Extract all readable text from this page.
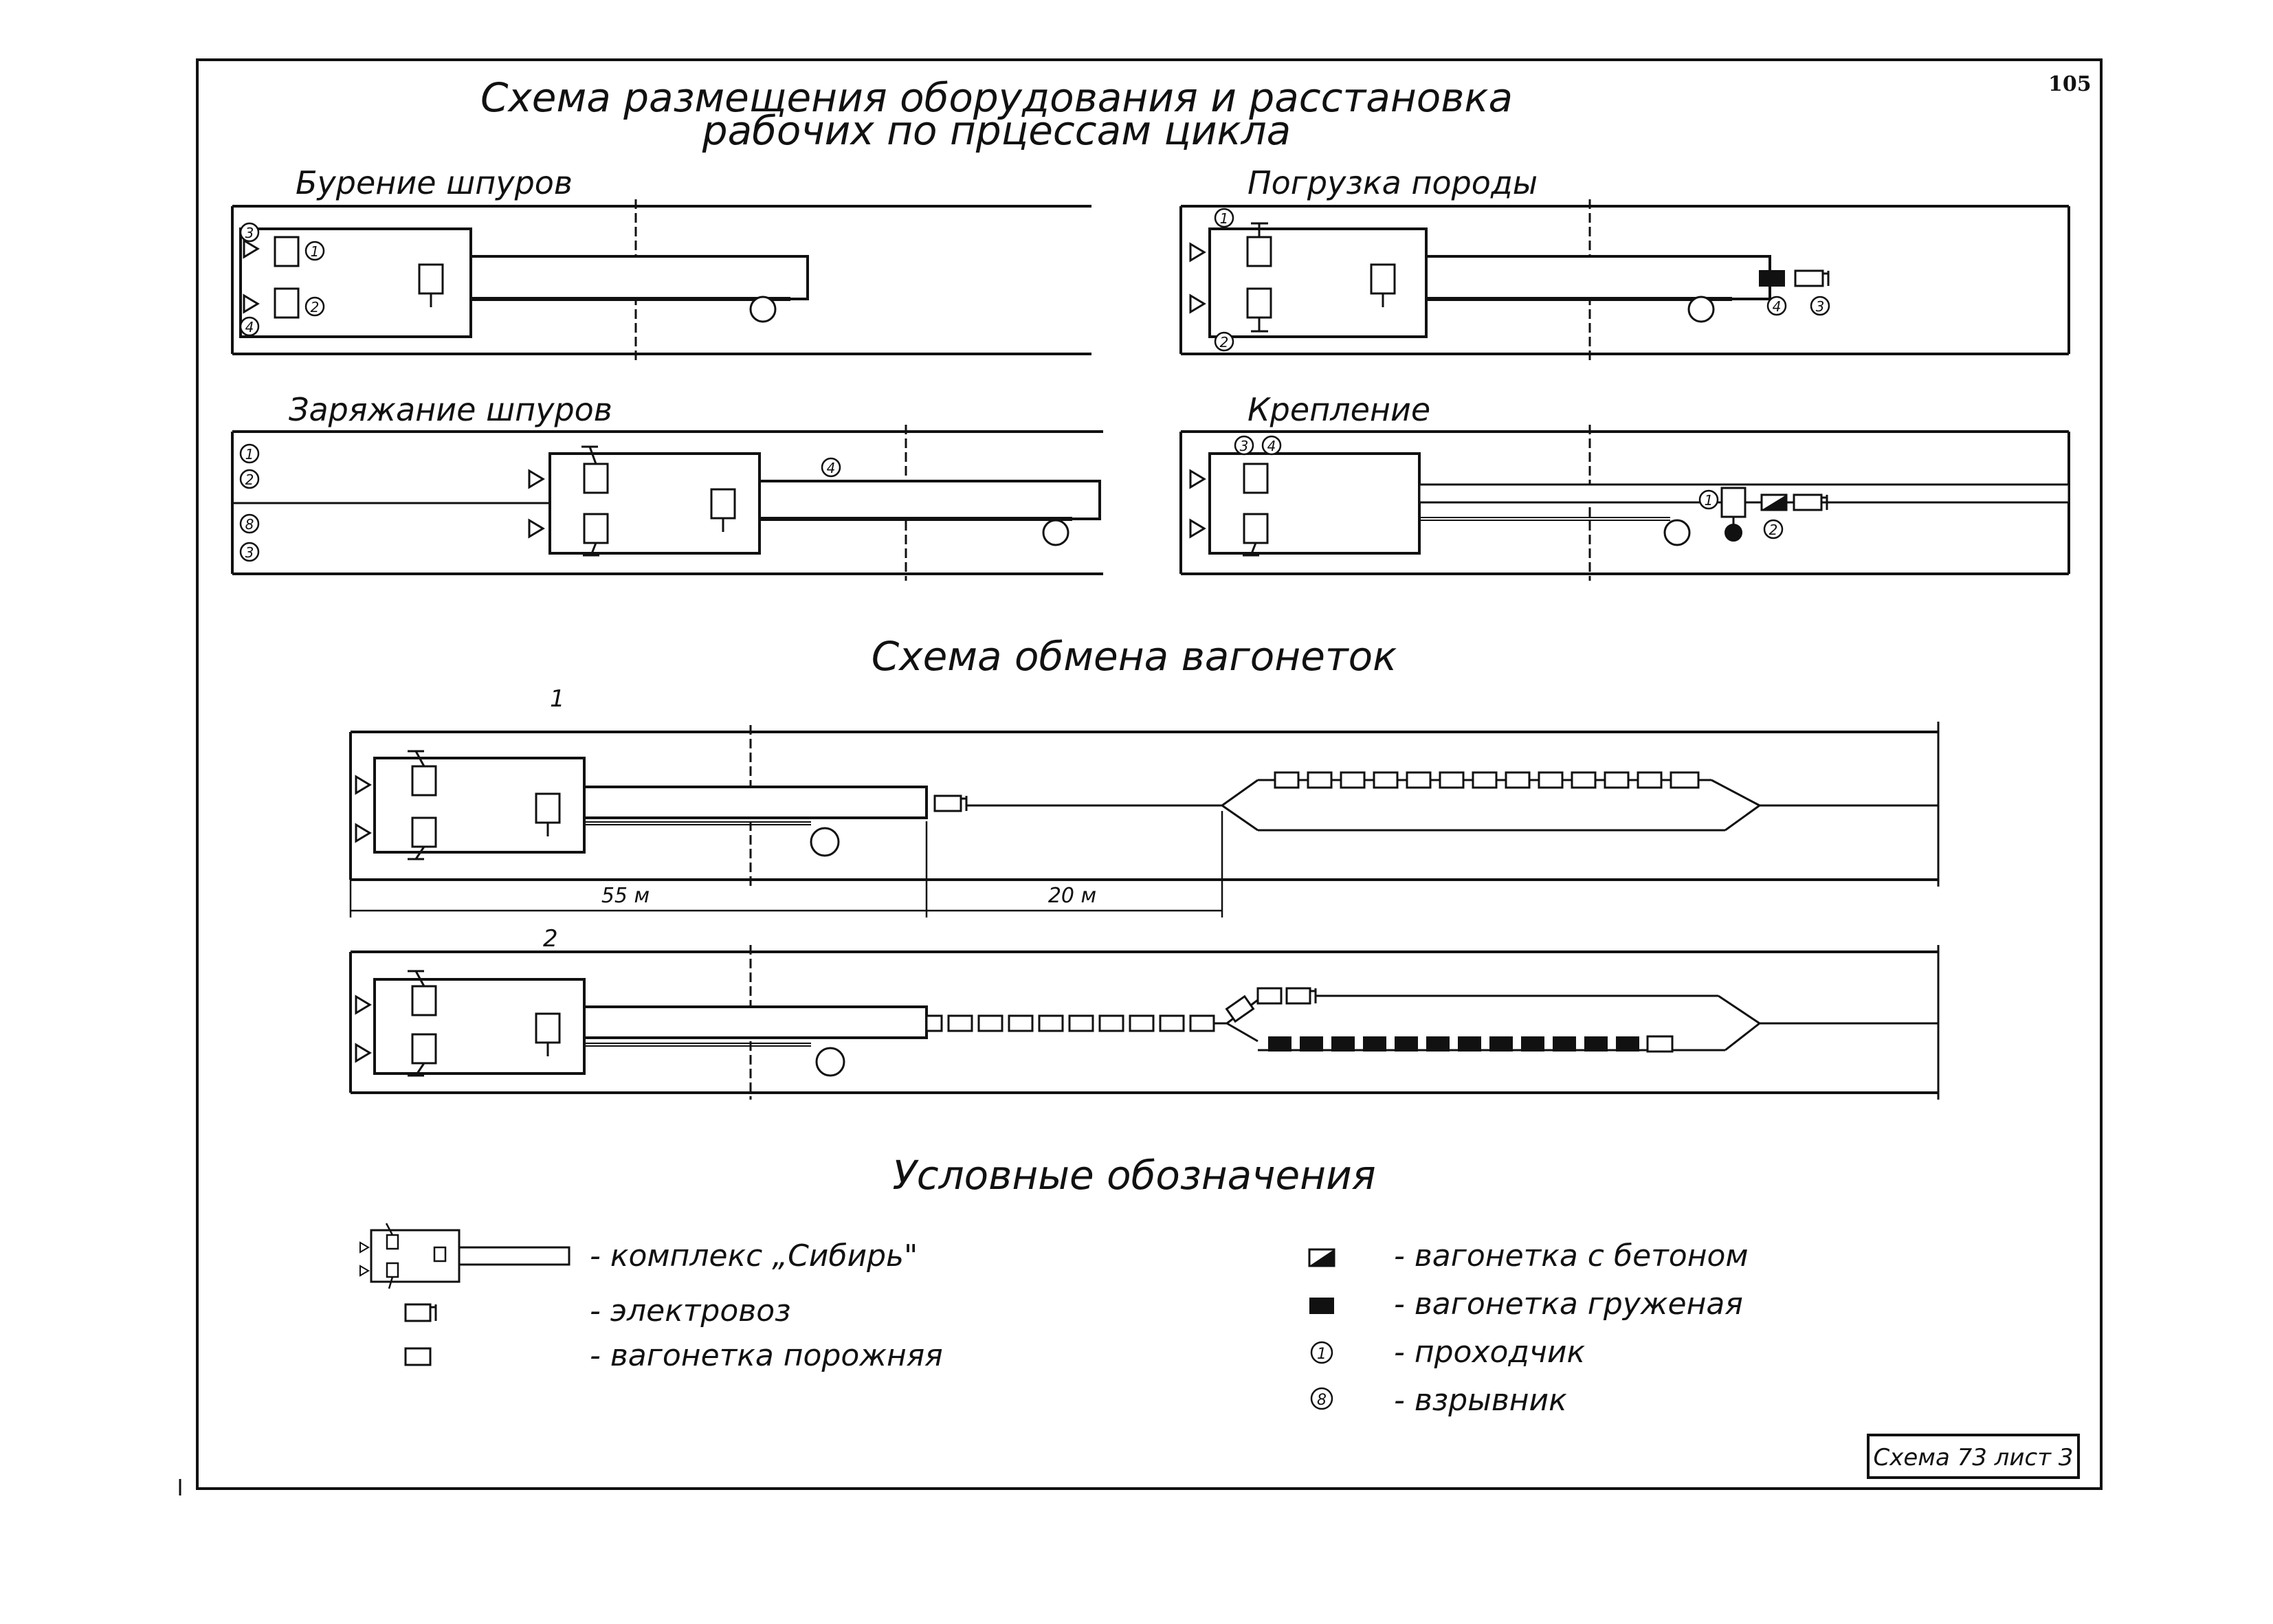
105
Схема размещения оборудования и расстановка
рабочих по прцессам цикла
Бурение шпуров
1
2
3
4
Погрузка породы
1
2
4	3
Заряжание шпуров
1
2
8
3
4
Крепление
3 4
1
2
Схема обмена вагонеток
1
55 м	20 м
2
Условные обозначения
- комплекс „Сибирь"
- электровоз
- вагонетка порожняя
- вагонетка с бетоном
- вагонетка груженая
1 - проходчик
8 - взрывник
Схема 73 лист 3
